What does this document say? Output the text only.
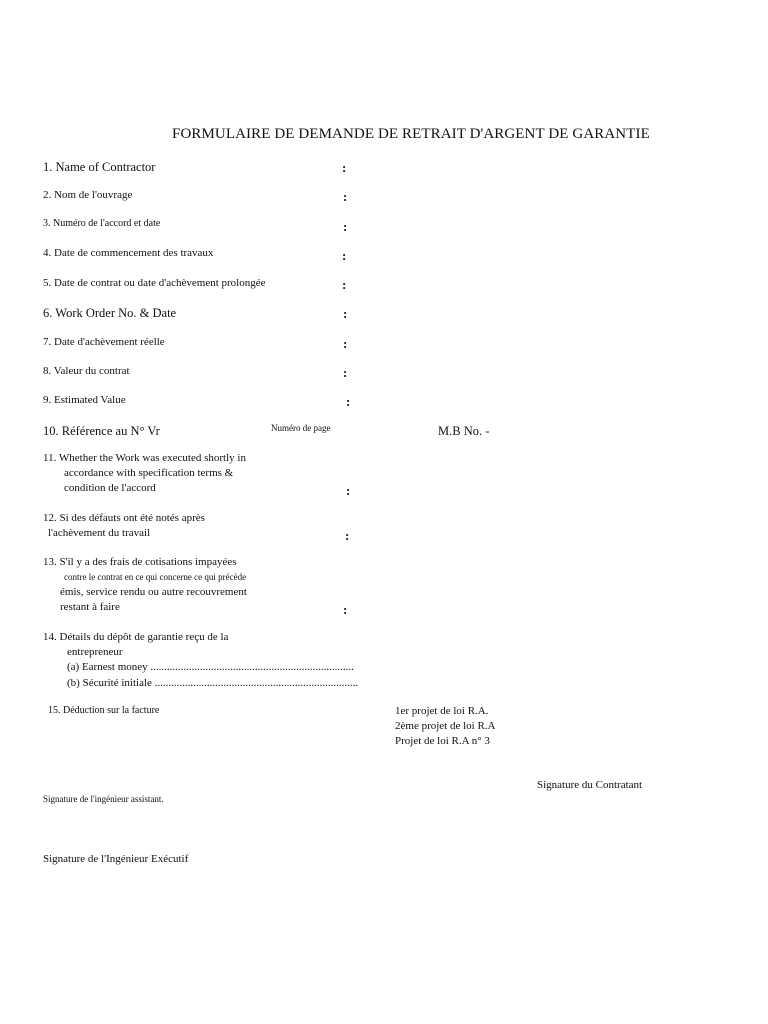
FORMULAIRE DE DEMANDE DE RETRAIT D'ARGENT DE GARANTIE
1. Name of Contractor	:
2. Nom de l'ouvrage	:
3. Numéro de l'accord et date	:
4. Date de commencement des travaux	:
5. Date de contrat ou date d'achèvement prolongée	:
6. Work Order No. & Date	:
7. Date d'achèvement réelle	:
8. Valeur du contrat	:
9. Estimated Value	:
10. Référence au N° Vr	Numéro de page	M.B No. -
11. Whether the Work was executed shortly in
accordance with specification terms &
condition de l'accord	:
12. Si des défauts ont été notés après
l'achèvement du travail	:
13. S'il y a des frais de cotisations impayées
contre le contrat en ce qui concerne ce qui précède
émis, service rendu ou autre recouvrement
restant à faire	:
14. Détails du dépôt de garantie reçu de la
entrepreneur
(a) Earnest money ..........................................................................
(b) Sécurité initiale ..........................................................................
15. Déduction sur la facture	1er projet de loi R.A.
2ème projet de loi R.A
Projet de loi R.A n° 3
Signature du Contratant
Signature de l'ingénieur assistant.
Signature de l'Ingénieur Exécutif
